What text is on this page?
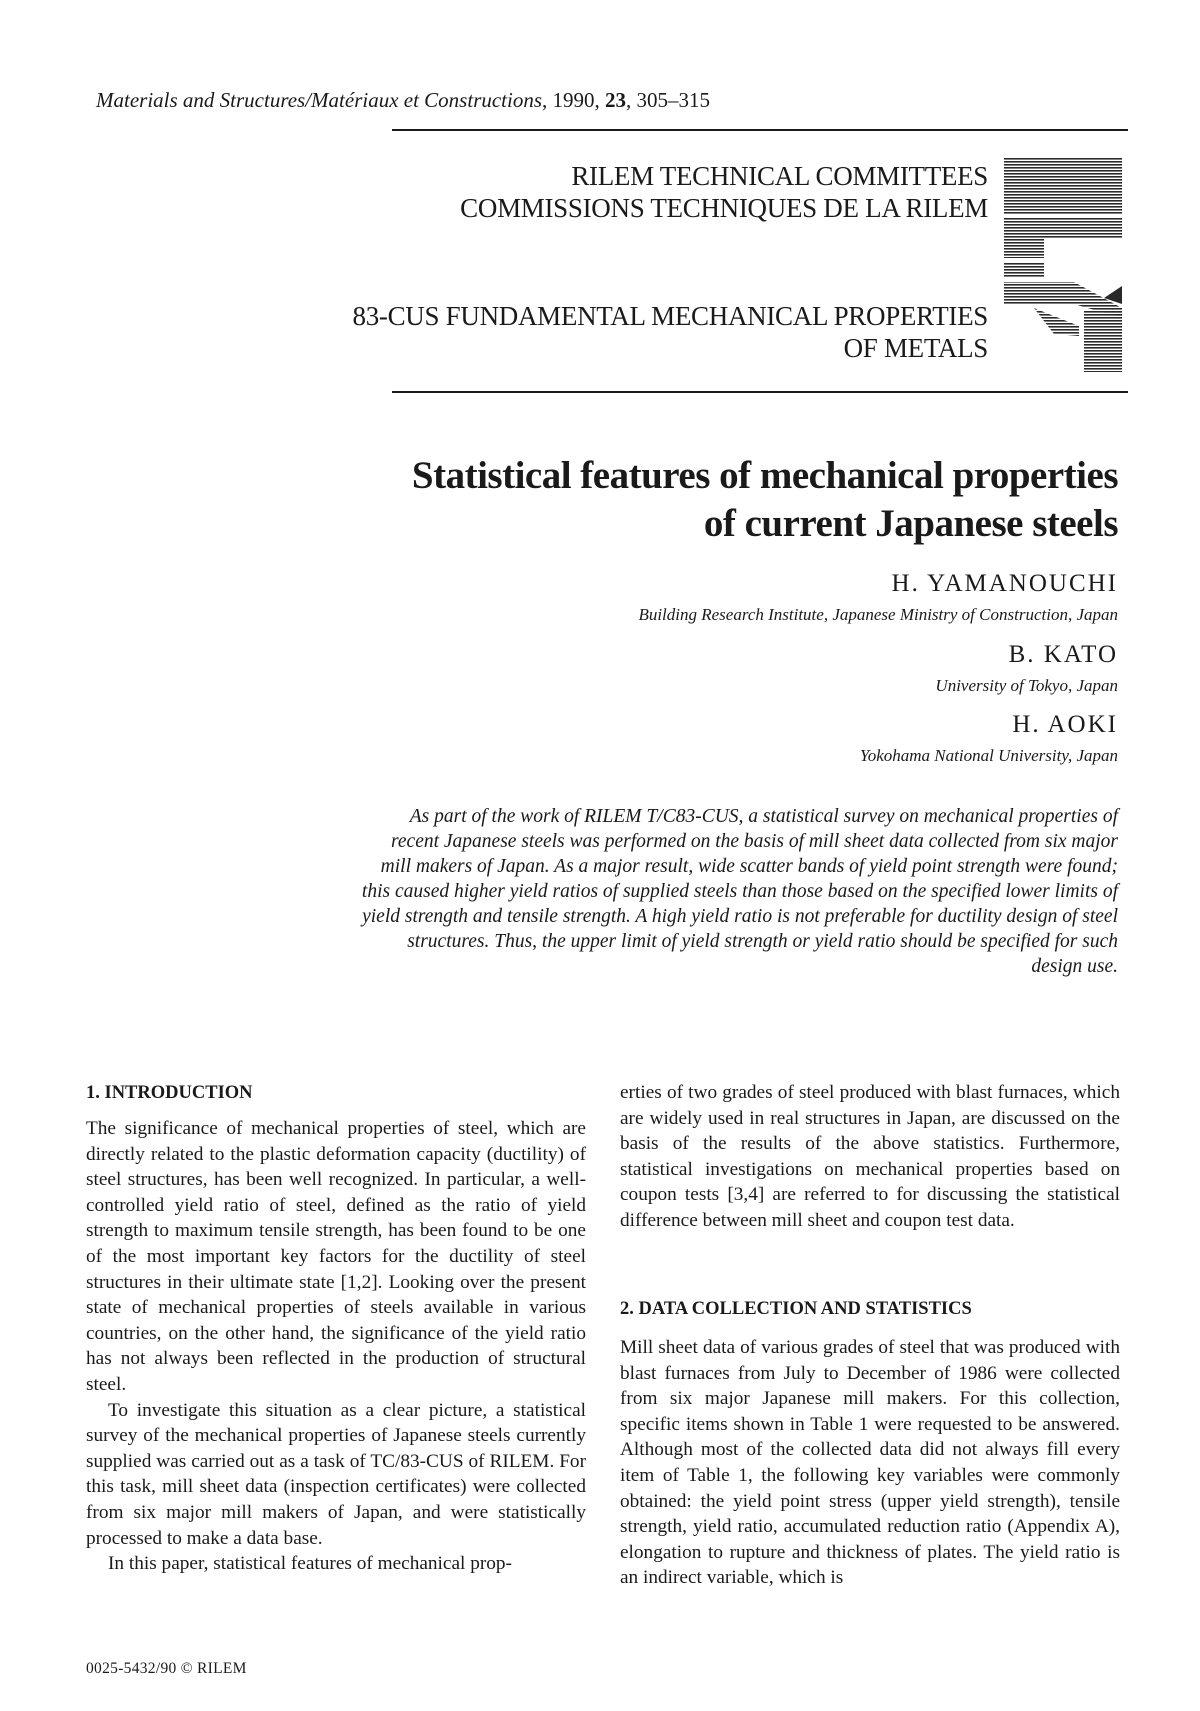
Materials and Structures/Matériaux et Constructions, 1990, 23, 305–315
RILEM TECHNICAL COMMITTEES
COMMISSIONS TECHNIQUES DE LA RILEM
83-CUS FUNDAMENTAL MECHANICAL PROPERTIES
OF METALS
Statistical features of mechanical properties
of current Japanese steels
H. YAMANOUCHI
Building Research Institute, Japanese Ministry of Construction, Japan
B. KATO
University of Tokyo, Japan
H. AOKI
Yokohama National University, Japan
As part of the work of RILEM T/C83-CUS, a statistical survey on mechanical properties of
recent Japanese steels was performed on the basis of mill sheet data collected from six major
mill makers of Japan. As a major result, wide scatter bands of yield point strength were found;
this caused higher yield ratios of supplied steels than those based on the specified lower limits of
yield strength and tensile strength. A high yield ratio is not preferable for ductility design of steel
structures. Thus, the upper limit of yield strength or yield ratio should be specified for such
design use.
1. INTRODUCTION

The significance of mechanical properties of steel, which are directly related to the plastic deformation capacity (ductility) of steel structures, has been well recognized. In particular, a well-controlled yield ratio of steel, defined as the ratio of yield strength to maximum tensile strength, has been found to be one of the most important key factors for the ductility of steel structures in their ultimate state [1,2]. Looking over the present state of mechanical properties of steels available in various countries, on the other hand, the significance of the yield ratio has not always been reflected in the production of structural steel.

To investigate this situation as a clear picture, a statistical survey of the mechanical properties of Japanese steels currently supplied was carried out as a task of TC/83-CUS of RILEM. For this task, mill sheet data (inspection certificates) were collected from six major mill makers of Japan, and were statistically processed to make a data base.

In this paper, statistical features of mechanical prop-

erties of two grades of steel produced with blast furnaces, which are widely used in real structures in Japan, are discussed on the basis of the results of the above statistics. Furthermore, statistical investigations on mechanical properties based on coupon tests [3,4] are referred to for discussing the statistical difference between mill sheet and coupon test data.

2. DATA COLLECTION AND STATISTICS

Mill sheet data of various grades of steel that was produced with blast furnaces from July to December of 1986 were collected from six major Japanese mill makers. For this collection, specific items shown in Table 1 were requested to be answered. Although most of the collected data did not always fill every item of Table 1, the following key variables were commonly obtained: the yield point stress (upper yield strength), tensile strength, yield ratio, accumulated reduction ratio (Appendix A), elongation to rupture and thickness of plates. The yield ratio is an indirect variable, which is

0025-5432/90 © RILEM
